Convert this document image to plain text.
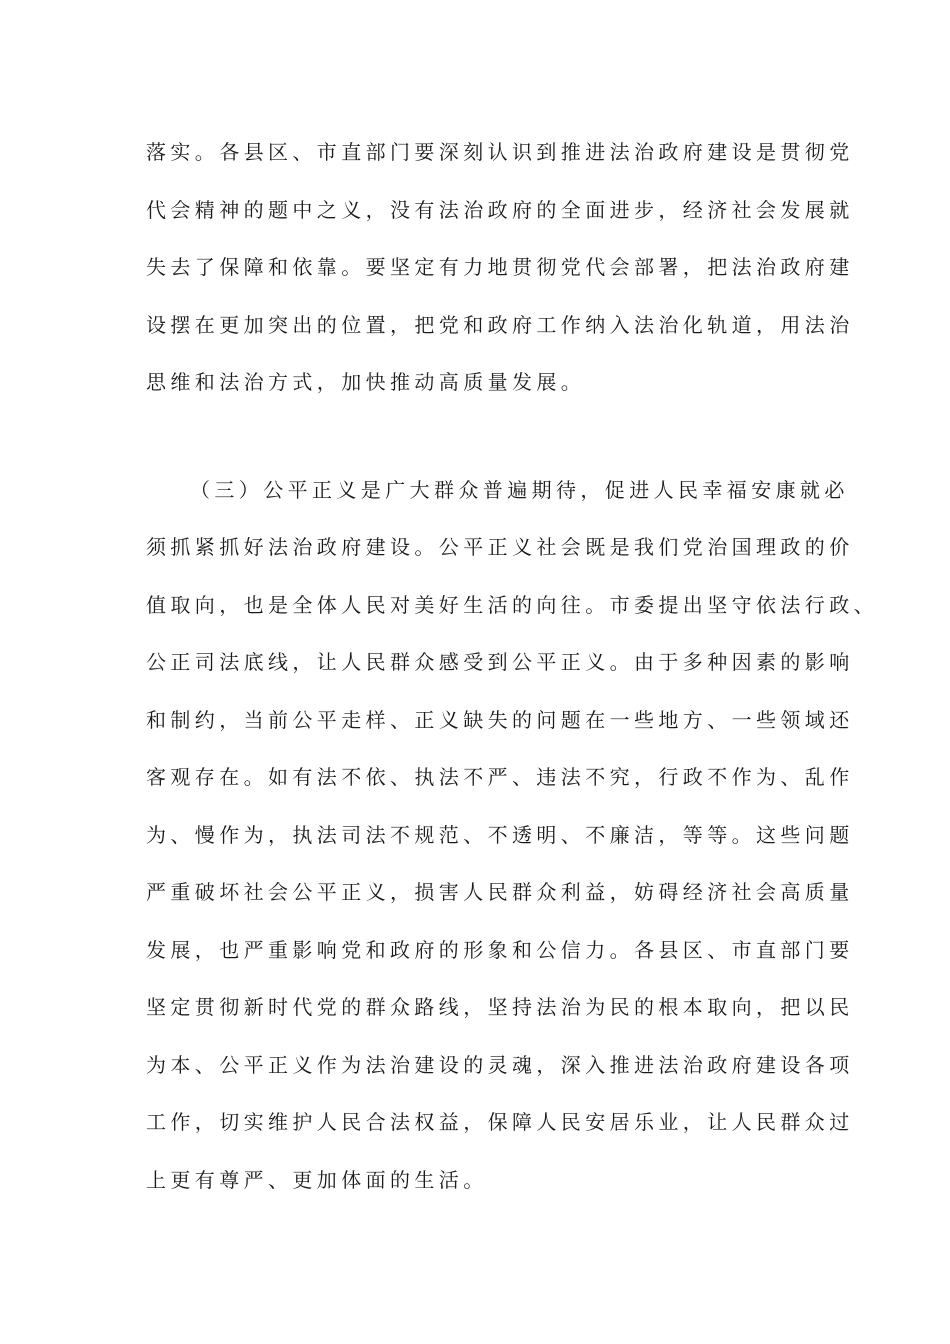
落实。各县区、市直部门要深刻认识到推进法治政府建设是贯彻党
代会精神的题中之义，没有法治政府的全面进步，经济社会发展就
失去了保障和依靠。要坚定有力地贯彻党代会部署，把法治政府建
设摆在更加突出的位置，把党和政府工作纳入法治化轨道，用法治
思维和法治方式，加快推动高质量发展。
（三）公平正义是广大群众普遍期待，促进人民幸福安康就必
须抓紧抓好法治政府建设。公平正义社会既是我们党治国理政的价
值取向，也是全体人民对美好生活的向往。市委提出坚守依法行政、
公正司法底线，让人民群众感受到公平正义。由于多种因素的影响
和制约，当前公平走样、正义缺失的问题在一些地方、一些领域还
客观存在。如有法不依、执法不严、违法不究，行政不作为、乱作
为、慢作为，执法司法不规范、不透明、不廉洁，等等。这些问题
严重破坏社会公平正义，损害人民群众利益，妨碍经济社会高质量
发展，也严重影响党和政府的形象和公信力。各县区、市直部门要
坚定贯彻新时代党的群众路线，坚持法治为民的根本取向，把以民
为本、公平正义作为法治建设的灵魂，深入推进法治政府建设各项
工作，切实维护人民合法权益，保障人民安居乐业，让人民群众过
上更有尊严、更加体面的生活。
